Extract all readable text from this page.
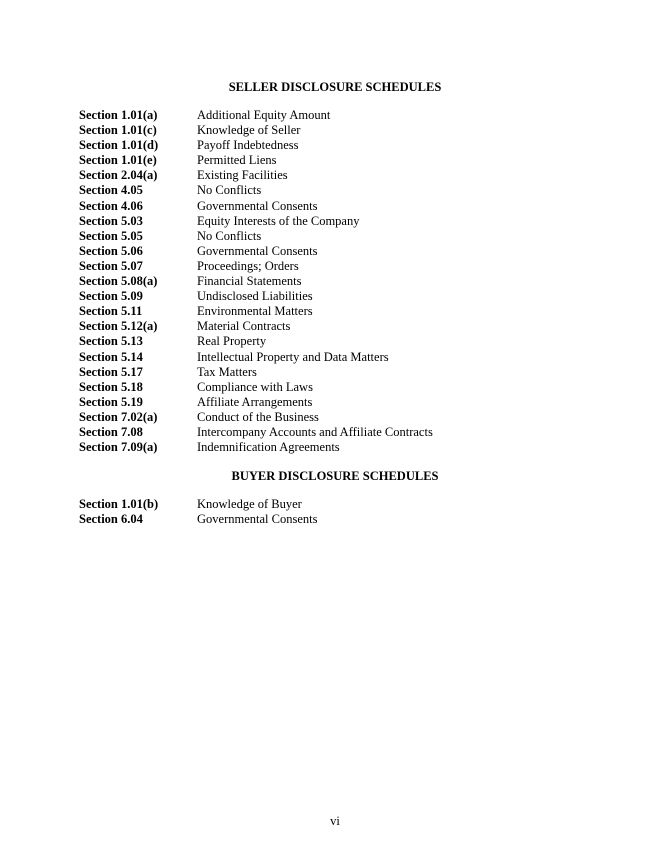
SELLER DISCLOSURE SCHEDULES
Section 1.01(a)	Additional Equity Amount
Section 1.01(c)	Knowledge of Seller
Section 1.01(d)	Payoff Indebtedness
Section 1.01(e)	Permitted Liens
Section 2.04(a)	Existing Facilities
Section 4.05	No Conflicts
Section 4.06	Governmental Consents
Section 5.03	Equity Interests of the Company
Section 5.05	No Conflicts
Section 5.06	Governmental Consents
Section 5.07	Proceedings; Orders
Section 5.08(a)	Financial Statements
Section 5.09	Undisclosed Liabilities
Section 5.11	Environmental Matters
Section 5.12(a)	Material Contracts
Section 5.13	Real Property
Section 5.14	Intellectual Property and Data Matters
Section 5.17	Tax Matters
Section 5.18	Compliance with Laws
Section 5.19	Affiliate Arrangements
Section 7.02(a)	Conduct of the Business
Section 7.08	Intercompany Accounts and Affiliate Contracts
Section 7.09(a)	Indemnification Agreements
BUYER DISCLOSURE SCHEDULES
Section 1.01(b)	Knowledge of Buyer
Section 6.04	Governmental Consents
vi
